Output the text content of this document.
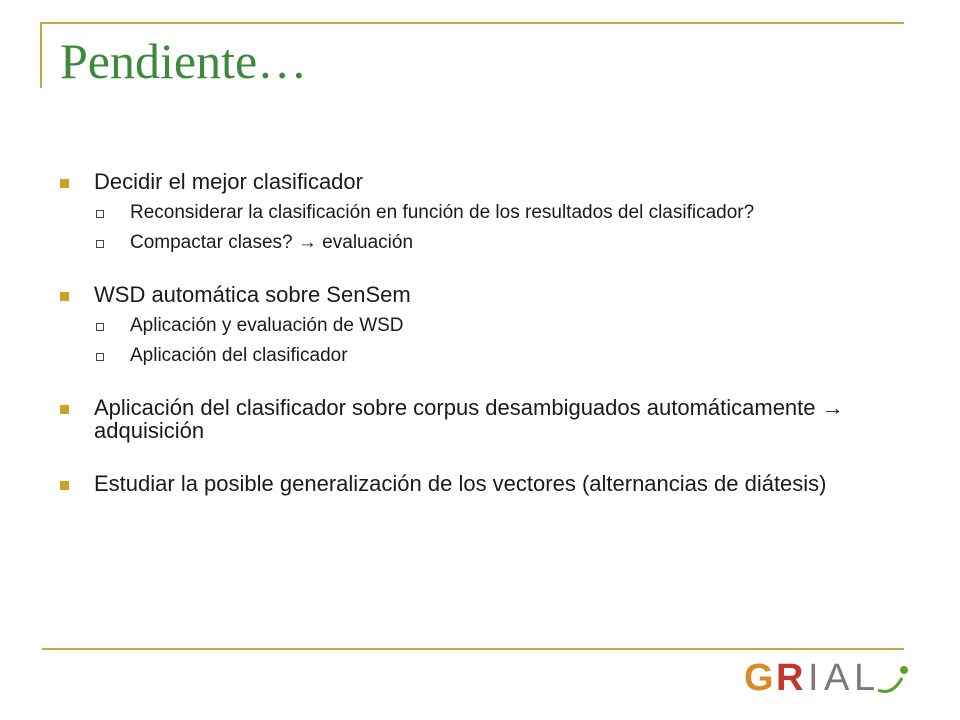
Pendiente…
Decidir el mejor clasificador
Reconsiderar la clasificación en función de los resultados del clasificador?
Compactar clases? → evaluación
WSD automática sobre SenSem
Aplicación y evaluación de WSD
Aplicación del clasificador
Aplicación del clasificador sobre corpus desambiguados automáticamente → adquisición
Estudiar la posible generalización de los vectores (alternancias de diátesis)
G R I A L
